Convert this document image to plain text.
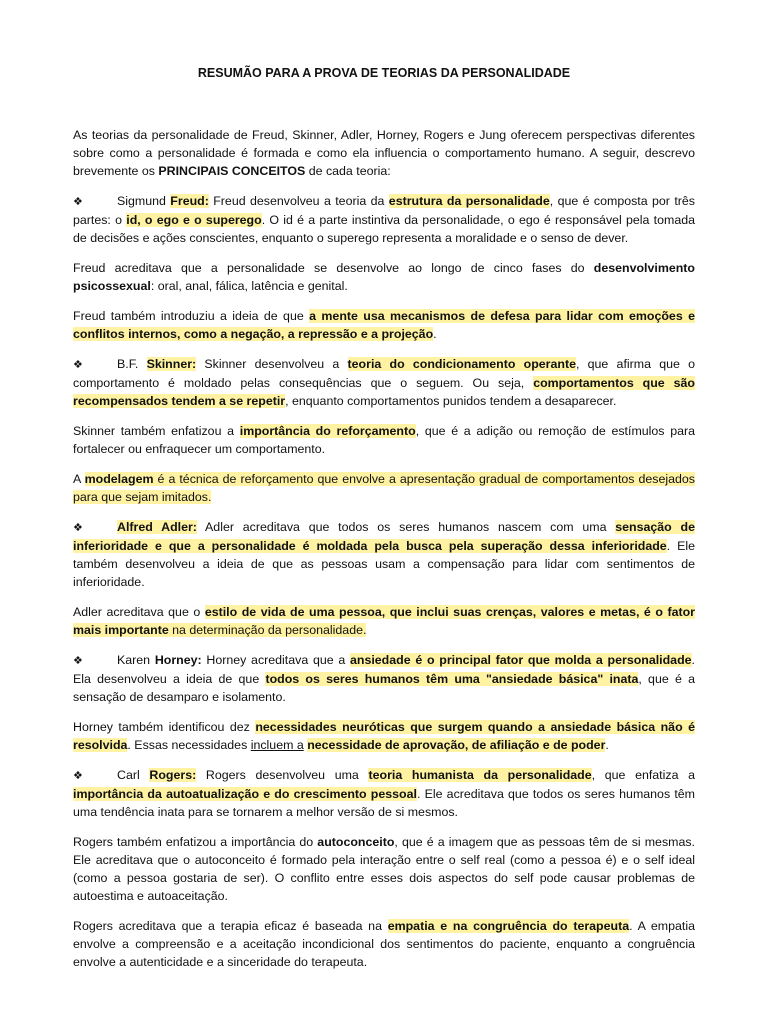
RESUMÃO PARA A PROVA DE TEORIAS DA PERSONALIDADE

As teorias da personalidade de Freud, Skinner, Adler, Horney, Rogers e Jung oferecem perspectivas diferentes sobre como a personalidade é formada e como ela influencia o comportamento humano. A seguir, descrevo brevemente os PRINCIPAIS CONCEITOS de cada teoria:

❖	Sigmund Freud: Freud desenvolveu a teoria da estrutura da personalidade, que é composta por três partes: o id, o ego e o superego. O id é a parte instintiva da personalidade, o ego é responsável pela tomada de decisões e ações conscientes, enquanto o superego representa a moralidade e o senso de dever.

Freud acreditava que a personalidade se desenvolve ao longo de cinco fases do desenvolvimento psicossexual: oral, anal, fálica, latência e genital.

Freud também introduziu a ideia de que a mente usa mecanismos de defesa para lidar com emoções e conflitos internos, como a negação, a repressão e a projeção.

❖	B.F. Skinner: Skinner desenvolveu a teoria do condicionamento operante, que afirma que o comportamento é moldado pelas consequências que o seguem. Ou seja, comportamentos que são recompensados tendem a se repetir, enquanto comportamentos punidos tendem a desaparecer.

Skinner também enfatizou a importância do reforçamento, que é a adição ou remoção de estímulos para fortalecer ou enfraquecer um comportamento.

A modelagem é a técnica de reforçamento que envolve a apresentação gradual de comportamentos desejados para que sejam imitados.

❖	Alfred Adler: Adler acreditava que todos os seres humanos nascem com uma sensação de inferioridade e que a personalidade é moldada pela busca pela superação dessa inferioridade. Ele também desenvolveu a ideia de que as pessoas usam a compensação para lidar com sentimentos de inferioridade.

Adler acreditava que o estilo de vida de uma pessoa, que inclui suas crenças, valores e metas, é o fator mais importante na determinação da personalidade.

❖	Karen Horney: Horney acreditava que a ansiedade é o principal fator que molda a personalidade. Ela desenvolveu a ideia de que todos os seres humanos têm uma "ansiedade básica" inata, que é a sensação de desamparo e isolamento.

Horney também identificou dez necessidades neuróticas que surgem quando a ansiedade básica não é resolvida. Essas necessidades incluem a necessidade de aprovação, de afiliação e de poder.

❖	Carl Rogers: Rogers desenvolveu uma teoria humanista da personalidade, que enfatiza a importância da autoatualização e do crescimento pessoal. Ele acreditava que todos os seres humanos têm uma tendência inata para se tornarem a melhor versão de si mesmos.

Rogers também enfatizou a importância do autoconceito, que é a imagem que as pessoas têm de si mesmas. Ele acreditava que o autoconceito é formado pela interação entre o self real (como a pessoa é) e o self ideal (como a pessoa gostaria de ser). O conflito entre esses dois aspectos do self pode causar problemas de autoestima e autoaceitação.

Rogers acreditava que a terapia eficaz é baseada na empatia e na congruência do terapeuta. A empatia envolve a compreensão e a aceitação incondicional dos sentimentos do paciente, enquanto a congruência envolve a autenticidade e a sinceridade do terapeuta.
